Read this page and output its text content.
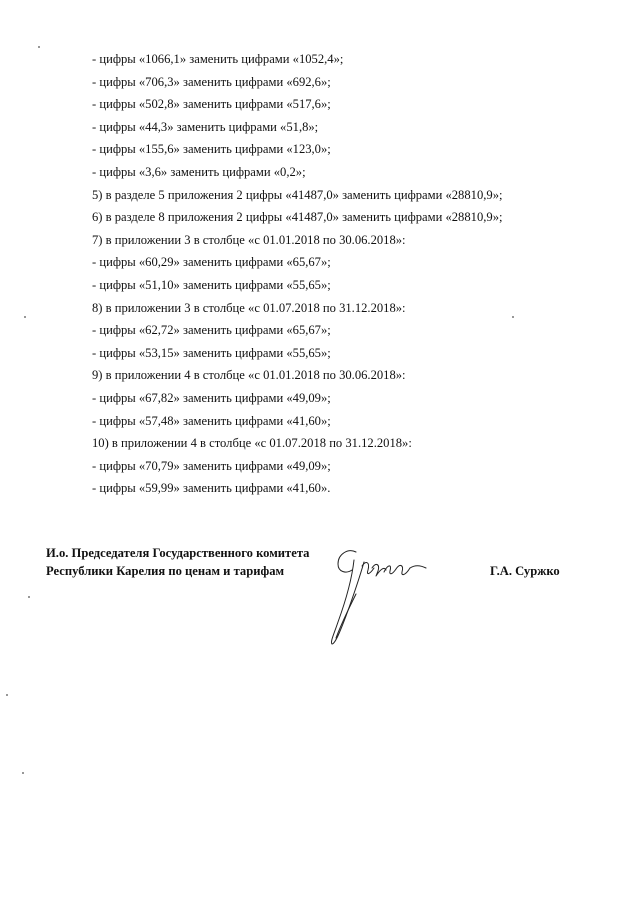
- цифры «1066,1» заменить цифрами «1052,4»;
- цифры «706,3» заменить цифрами «692,6»;
- цифры «502,8» заменить цифрами «517,6»;
- цифры «44,3» заменить цифрами «51,8»;
- цифры «155,6» заменить цифрами «123,0»;
- цифры «3,6» заменить цифрами «0,2»;
5) в разделе 5 приложения 2 цифры «41487,0» заменить цифрами «28810,9»;
6) в разделе 8 приложения 2 цифры «41487,0» заменить цифрами «28810,9»;
7) в приложении 3 в столбце «с 01.01.2018 по 30.06.2018»:
- цифры «60,29» заменить цифрами «65,67»;
- цифры «51,10» заменить цифрами «55,65»;
8) в приложении 3 в столбце «с 01.07.2018 по 31.12.2018»:
- цифры «62,72» заменить цифрами «65,67»;
- цифры «53,15» заменить цифрами «55,65»;
9) в приложении 4 в столбце «с 01.01.2018 по 30.06.2018»:
- цифры «67,82» заменить цифрами «49,09»;
- цифры «57,48» заменить цифрами «41,60»;
10) в приложении 4 в столбце «с 01.07.2018 по 31.12.2018»:
- цифры «70,79» заменить цифрами «49,09»;
- цифры «59,99» заменить цифрами «41,60».
И.о. Председателя Государственного комитета
Республики Карелия по ценам и тарифам	Г.А. Суржко
